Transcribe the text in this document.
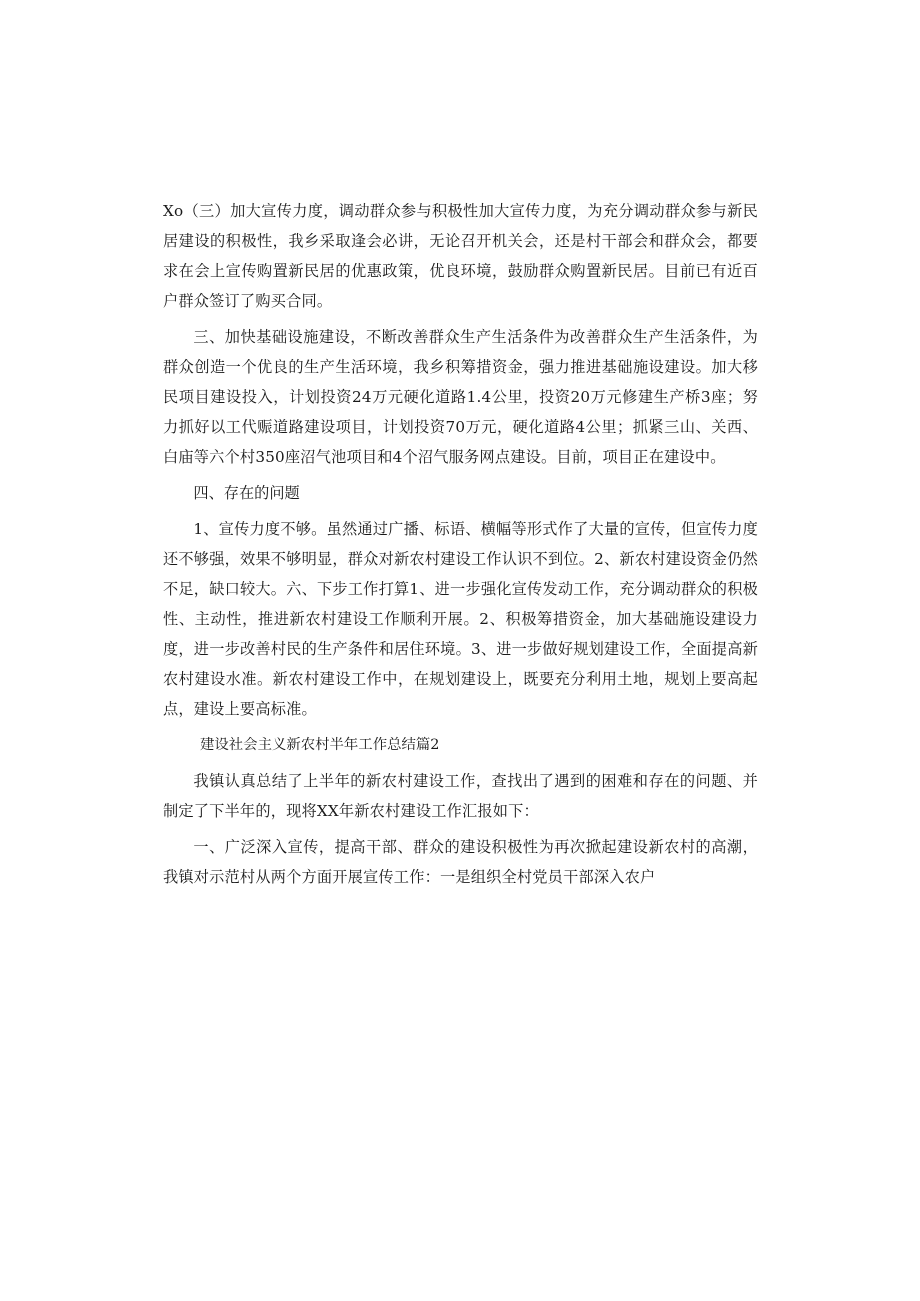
Xo（三）加大宣传力度，调动群众参与积极性加大宣传力度，为充分调动群众参与新民居建设的积极性，我乡采取逢会必讲，无论召开机关会，还是村干部会和群众会，都要求在会上宣传购置新民居的优惠政策，优良环境，鼓励群众购置新民居。目前已有近百户群众签订了购买合同。

三、加快基础设施建设，不断改善群众生产生活条件为改善群众生产生活条件，为群众创造一个优良的生产生活环境，我乡积筹措资金，强力推进基础施设建设。加大移民项目建设投入，计划投资24万元硬化道路1.4公里，投资20万元修建生产桥3座；努力抓好以工代赈道路建设项目，计划投资70万元，硬化道路4公里；抓紧三山、关西、白庙等六个村350座沼气池项目和4个沼气服务网点建设。目前，项目正在建设中。

四、存在的问题

1、宣传力度不够。虽然通过广播、标语、横幅等形式作了大量的宣传，但宣传力度还不够强，效果不够明显，群众对新农村建设工作认识不到位。2、新农村建设资金仍然不足，缺口较大。六、下步工作打算1、进一步强化宣传发动工作，充分调动群众的积极性、主动性，推进新农村建设工作顺利开展。2、积极筹措资金，加大基础施设建设力度，进一步改善村民的生产条件和居住环境。3、进一步做好规划建设工作，全面提高新农村建设水准。新农村建设工作中，在规划建设上，既要充分利用土地，规划上要高起点，建设上要高标准。

建设社会主义新农村半年工作总结篇2

我镇认真总结了上半年的新农村建设工作，查找出了遇到的困难和存在的问题、并制定了下半年的，现将XX年新农村建设工作汇报如下：

一、广泛深入宣传，提高干部、群众的建设积极性为再次掀起建设新农村的高潮，我镇对示范村从两个方面开展宣传工作：一是组织全村党员干部深入农户
